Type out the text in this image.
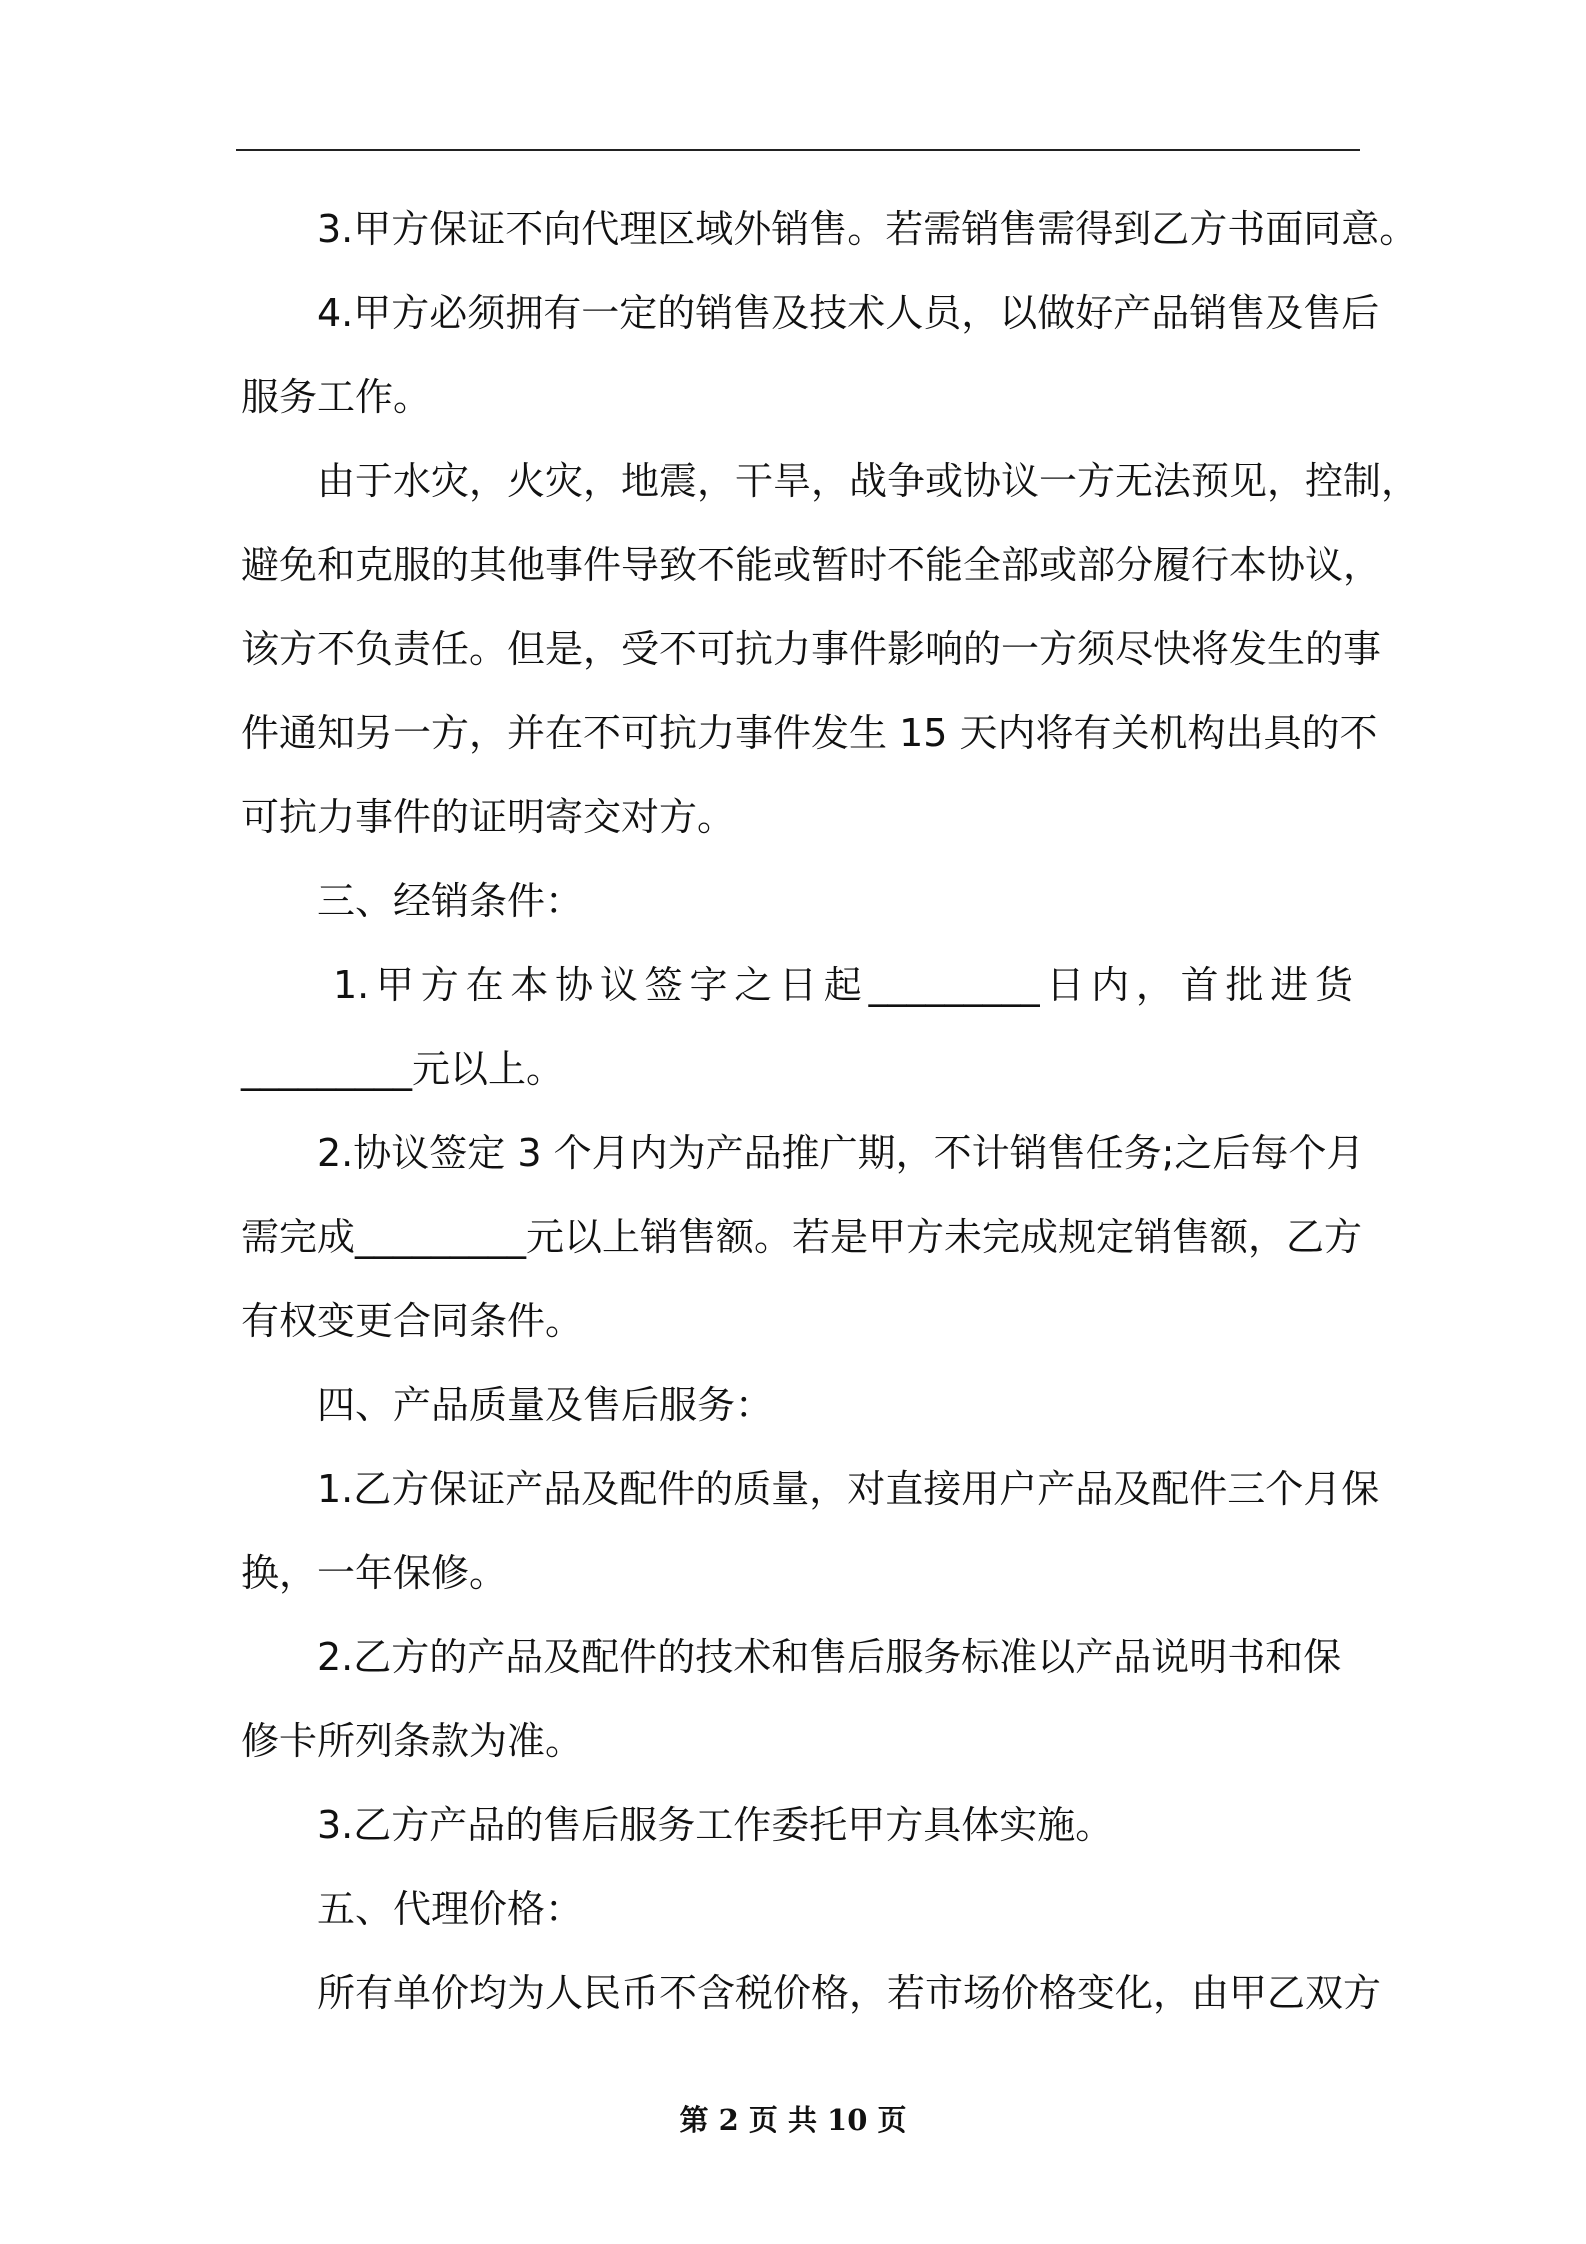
3.甲方保证不向代理区域外销售。若需销售需得到乙方书面同意。
4.甲方必须拥有一定的销售及技术人员，以做好产品销售及售后
服务工作。
由于水灾，火灾，地震，干旱，战争或协议一方无法预见，控制，
避免和克服的其他事件导致不能或暂时不能全部或部分履行本协议，
该方不负责任。但是，受不可抗力事件影响的一方须尽快将发生的事
件通知另一方，并在不可抗力事件发生 15 天内将有关机构出具的不
可抗力事件的证明寄交对方。
三、经销条件：
1.甲方在本协议签字之日起_________日内，首批进货
_________元以上。
2.协议签定 3 个月内为产品推广期，不计销售任务;之后每个月
需完成_________元以上销售额。若是甲方未完成规定销售额，乙方
有权变更合同条件。
四、产品质量及售后服务：
1.乙方保证产品及配件的质量，对直接用户产品及配件三个月保
换，一年保修。
2.乙方的产品及配件的技术和售后服务标准以产品说明书和保
修卡所列条款为准。
3.乙方产品的售后服务工作委托甲方具体实施。
五、代理价格：
所有单价均为人民币不含税价格，若市场价格变化，由甲乙双方
第 2 页 共 10 页
